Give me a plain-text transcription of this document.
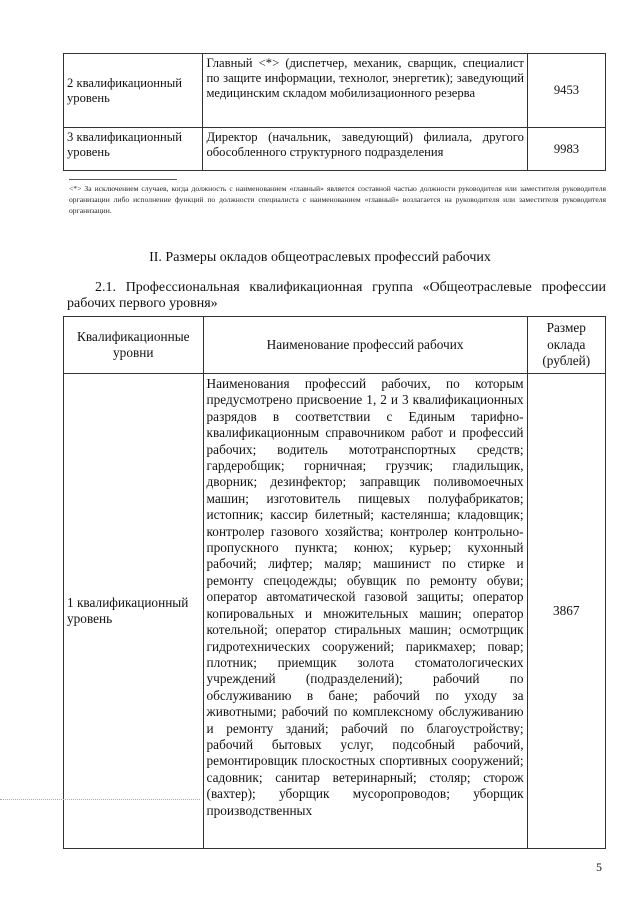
2 квалификационный уровень	Главный <*> (диспетчер, механик, сварщик, специалист по защите информации, технолог, энергетик); заведующий медицинским складом мобилизационного резерва	9453
3 квалификационный уровень	Директор (начальник, заведующий) филиала, другого обособленного структурного подразделения	9983
<*> За исключением случаев, когда должность с наименованием «главный» является составной частью должности руководителя или заместителя руководителя организации либо исполнение функций по должности специалиста с наименованием «главный» возлагается на руководителя или заместителя руководителя организации.
II. Размеры окладов общеотраслевых профессий рабочих
2.1. Профессиональная квалификационная группа «Общеотраслевые профессии рабочих первого уровня»
Квалификационные уровни	Наименование профессий рабочих	Размер оклада (рублей)
1 квалификационный уровень	Наименования профессий рабочих, по которым предусмотрено присвоение 1, 2 и 3 квалификационных разрядов в соответствии с Единым тарифно-квалификационным справочником работ и профессий рабочих; водитель мототранспортных средств; гардеробщик; горничная; грузчик; гладильщик, дворник; дезинфектор; заправщик поливомоечных машин; изготовитель пищевых полуфабрикатов; истопник; кассир билетный; кастелянша; кладовщик; контролер газового хозяйства; контролер контрольно-пропускного пункта; конюх; курьер; кухонный рабочий; лифтер; маляр; машинист по стирке и ремонту спецодежды; обувщик по ремонту обуви; оператор автоматической газовой защиты; оператор копировальных и множительных машин; оператор котельной; оператор стиральных машин; осмотрщик гидротехнических сооружений; парикмахер; повар; плотник; приемщик золота стоматологических учреждений (подразделений); рабочий по обслуживанию в бане; рабочий по уходу за животными; рабочий по комплексному обслуживанию и ремонту зданий; рабочий по благоустройству; рабочий бытовых услуг, подсобный рабочий, ремонтировщик плоскостных спортивных сооружений; садовник; санитар ветеринарный; столяр; сторож (вахтер); уборщик мусоропроводов; уборщик производственных	3867
5
